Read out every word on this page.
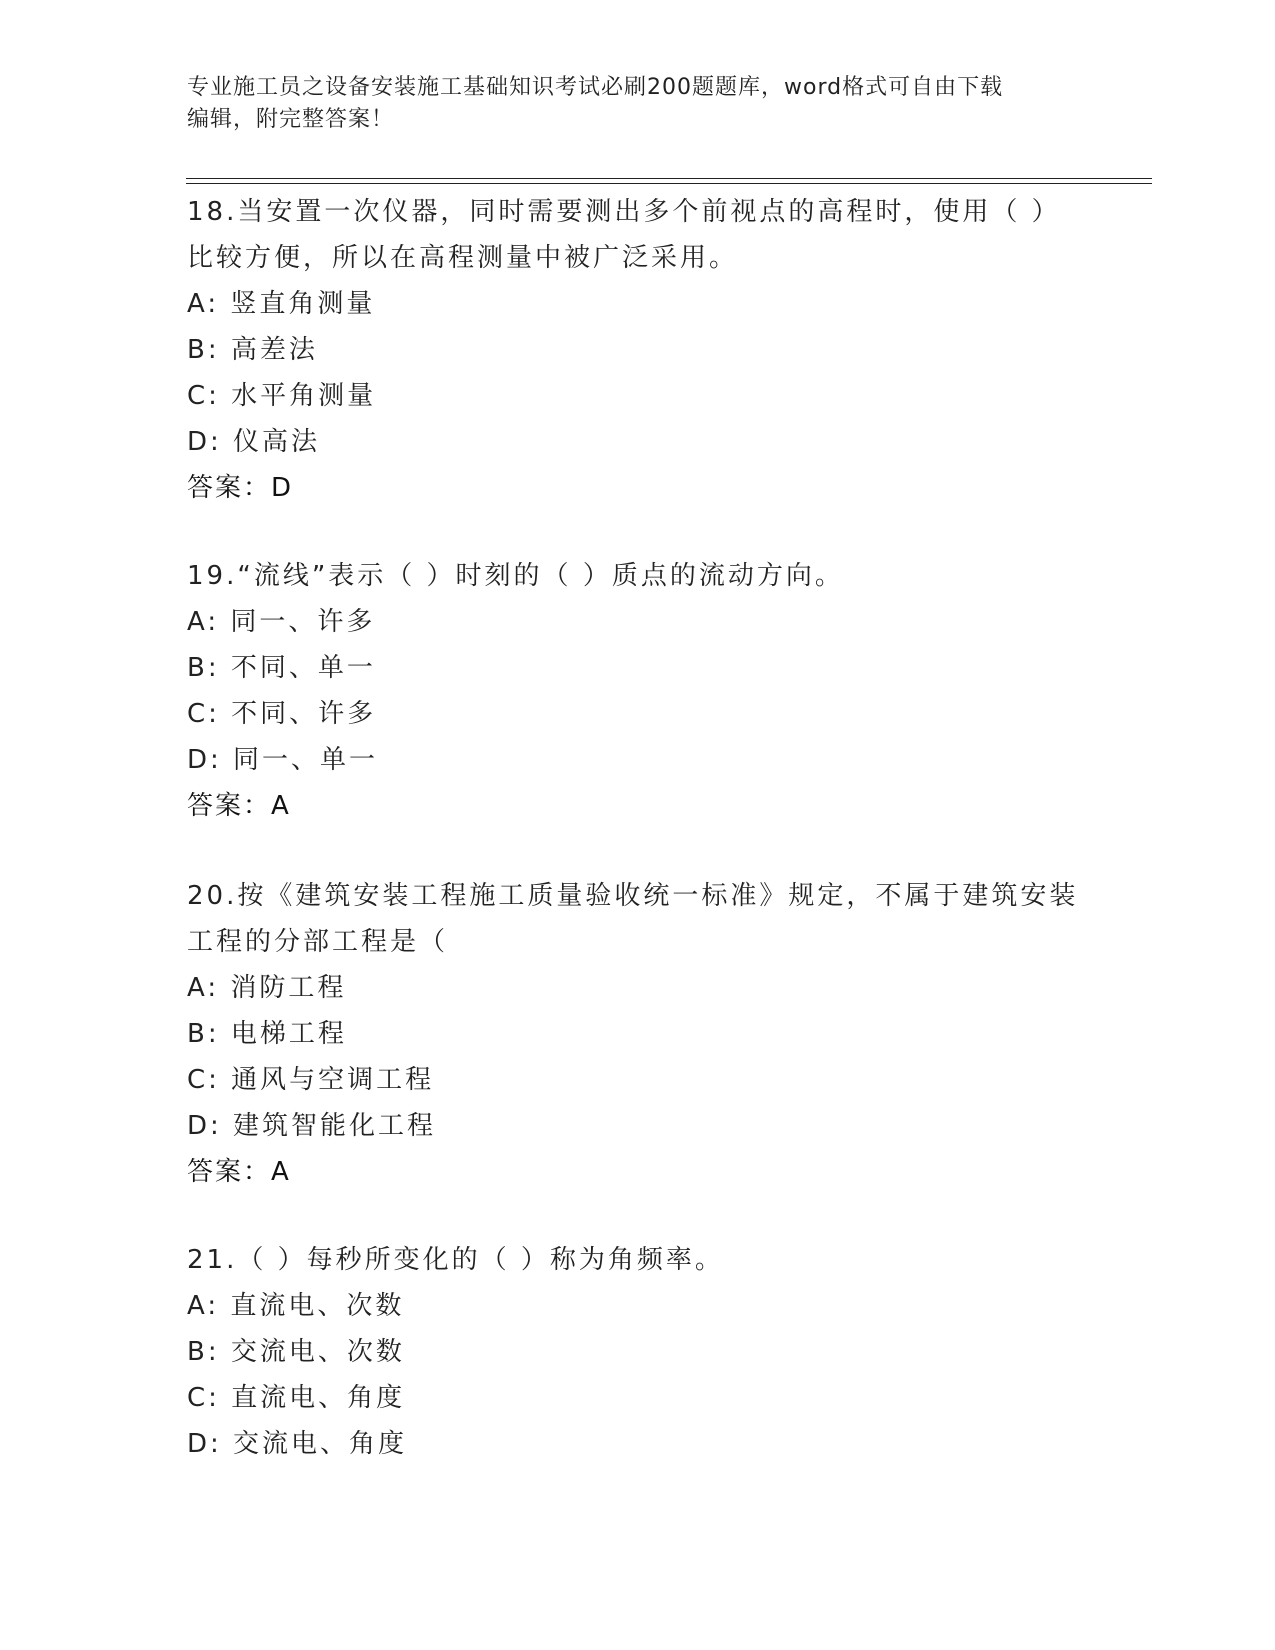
专业施工员之设备安装施工基础知识考试必刷200题题库，word格式可自由下载
编辑，附完整答案！
18.当安置一次仪器，同时需要测出多个前视点的高程时，使用（ ）
比较方便，所以在高程测量中被广泛采用。
A: 竖直角测量
B: 高差法
C: 水平角测量
D: 仪高法
答案：D
19.“流线”表示（ ）时刻的（ ）质点的流动方向。
A: 同一、许多
B: 不同、单一
C: 不同、许多
D: 同一、单一
答案：A
20.按《建筑安装工程施工质量验收统一标准》规定，不属于建筑安装
工程的分部工程是（
A: 消防工程
B: 电梯工程
C: 通风与空调工程
D: 建筑智能化工程
答案：A
21.（ ）每秒所变化的（ ）称为角频率。
A: 直流电、次数
B: 交流电、次数
C: 直流电、角度
D: 交流电、角度
